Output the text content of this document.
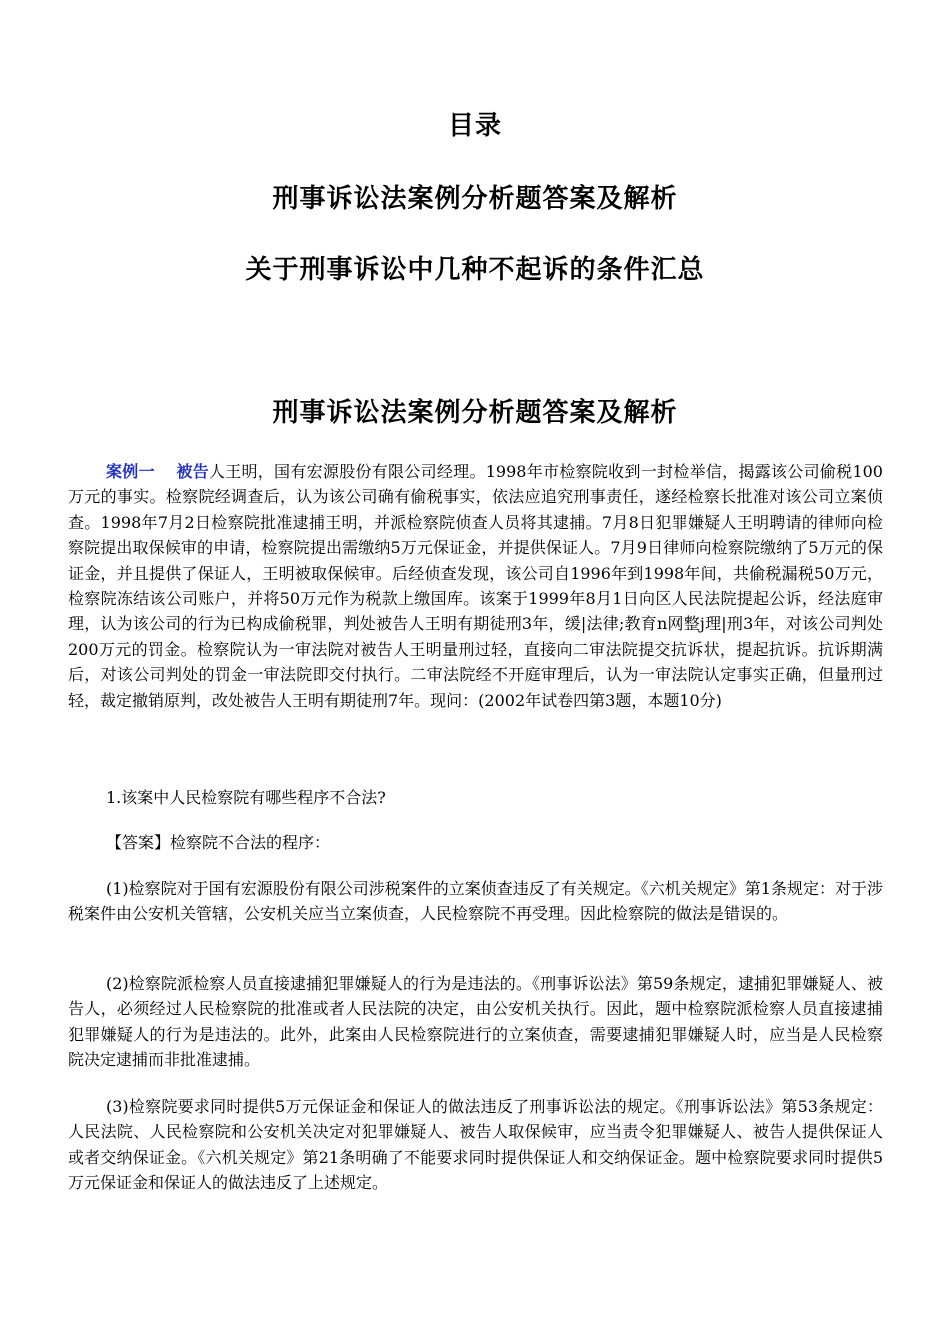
目录
刑事诉讼法案例分析题答案及解析
关于刑事诉讼中几种不起诉的条件汇总
刑事诉讼法案例分析题答案及解析

案例一 被告人王明，国有宏源股份有限公司经理。1998年市检察院收到一封检举信，揭露该公司偷税100万元的事实。检察院经调查后，认为该公司确有偷税事实，依法应追究刑事责任，遂经检察长批准对该公司立案侦查。1998年7月2日检察院批准逮捕王明，并派检察院侦查人员将其逮捕。7月8日犯罪嫌疑人王明聘请的律师向检察院提出取保候审的申请，检察院提出需缴纳5万元保证金，并提供保证人。7月9日律师向检察院缴纳了5万元的保证金，并且提供了保证人，王明被取保候审。后经侦查发现，该公司自1996年到1998年间，共偷税漏税50万元，检察院冻结该公司账户，并将50万元作为税款上缴国库。该案于1999年8月1日向区人民法院提起公诉，经法庭审理，认为该公司的行为已构成偷税罪，判处被告人王明有期徒刑3年，缓|法律;教育n网整j理|刑3年，对该公司判处200万元的罚金。检察院认为一审法院对被告人王明量刑过轻，直接向二审法院提交抗诉状，提起抗诉。抗诉期满后，对该公司判处的罚金一审法院即交付执行。二审法院经不开庭审理后，认为一审法院认定事实正确，但量刑过轻，裁定撤销原判，改处被告人王明有期徒刑7年。现问：(2002年试卷四第3题，本题10分)

1.该案中人民检察院有哪些程序不合法?

【答案】检察院不合法的程序：

(1)检察院对于国有宏源股份有限公司涉税案件的立案侦查违反了有关规定。《六机关规定》第1条规定：对于涉税案件由公安机关管辖，公安机关应当立案侦查，人民检察院不再受理。因此检察院的做法是错误的。

(2)检察院派检察人员直接逮捕犯罪嫌疑人的行为是违法的。《刑事诉讼法》第59条规定，逮捕犯罪嫌疑人、被告人，必须经过人民检察院的批准或者人民法院的决定，由公安机关执行。因此，题中检察院派检察人员直接逮捕犯罪嫌疑人的行为是违法的。此外，此案由人民检察院进行的立案侦查，需要逮捕犯罪嫌疑人时，应当是人民检察院决定逮捕而非批准逮捕。

(3)检察院要求同时提供5万元保证金和保证人的做法违反了刑事诉讼法的规定。《刑事诉讼法》第53条规定：人民法院、人民检察院和公安机关决定对犯罪嫌疑人、被告人取保候审，应当责令犯罪嫌疑人、被告人提供保证人或者交纳保证金。《六机关规定》第21条明确了不能要求同时提供保证人和交纳保证金。题中检察院要求同时提供5万元保证金和保证人的做法违反了上述规定。
